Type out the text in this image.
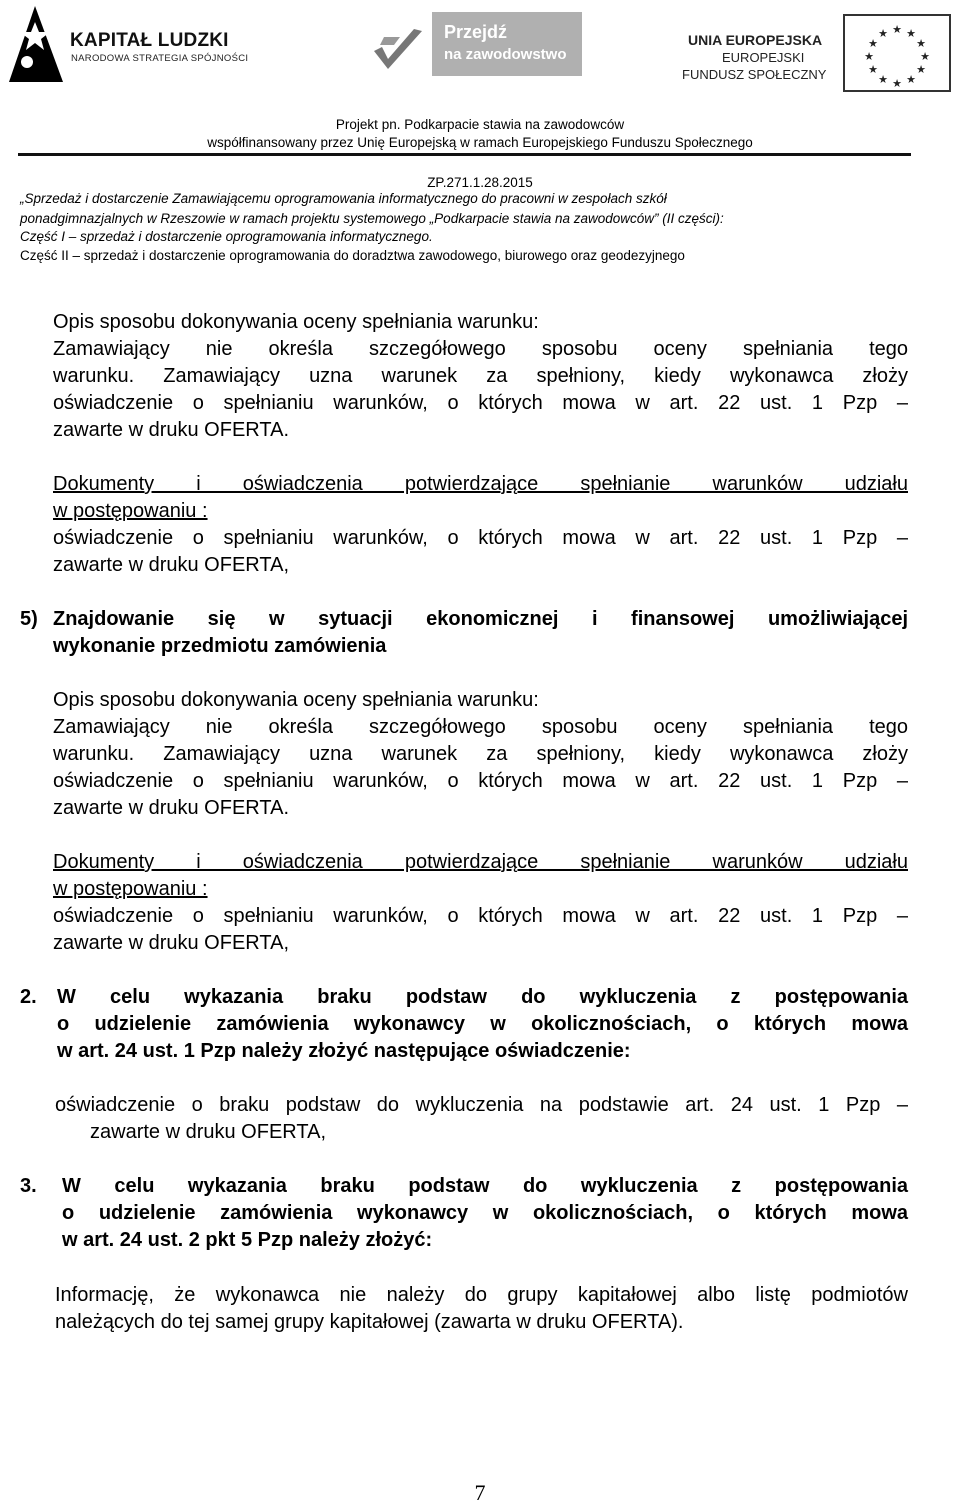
KAPITAŁ LUDZKI
NARODOWA STRATEGIA SPÓJNOŚCI
Przejdź
na zawodowstwo
UNIA EUROPEJSKA
EUROPEJSKI
FUNDUSZ SPOŁECZNY
★ ★
★
★
★
★
★
★
★
★
★
★
Projekt pn. Podkarpacie stawia na zawodowców
współfinansowany przez Unię Europejską w ramach Europejskiego Funduszu Społecznego
ZP.271.1.28.2015
„Sprzedaż i dostarczenie Zamawiającemu oprogramowania informatycznego do pracowni w zespołach szkół
ponadgimnazjalnych w Rzeszowie w ramach projektu systemowego „Podkarpacie stawia na zawodowców” (II części):
Część I – sprzedaż i dostarczenie oprogramowania informatycznego.
Część II – sprzedaż i dostarczenie oprogramowania do doradztwa zawodowego, biurowego oraz geodezyjnego
Opis sposobu dokonywania oceny spełniania warunku:
Zamawiający nie określa szczegółowego sposobu oceny spełniania tego
warunku. Zamawiający uzna warunek za spełniony, kiedy wykonawca złoży
oświadczenie o spełnianiu warunków, o których mowa w art. 22 ust. 1 Pzp –
zawarte w druku OFERTA.
Dokumenty i oświadczenia potwierdzające spełnianie warunków udziału
w postępowaniu :
oświadczenie o spełnianiu warunków, o których mowa w art. 22 ust. 1 Pzp –
zawarte w druku OFERTA,
5) Znajdowanie się w sytuacji ekonomicznej i finansowej umożliwiającej
wykonanie przedmiotu zamówienia
Opis sposobu dokonywania oceny spełniania warunku:
Zamawiający nie określa szczegółowego sposobu oceny spełniania tego
warunku. Zamawiający uzna warunek za spełniony, kiedy wykonawca złoży
oświadczenie o spełnianiu warunków, o których mowa w art. 22 ust. 1 Pzp –
zawarte w druku OFERTA.
Dokumenty i oświadczenia potwierdzające spełnianie warunków udziału
w postępowaniu :
oświadczenie o spełnianiu warunków, o których mowa w art. 22 ust. 1 Pzp –
zawarte w druku OFERTA,
2. W celu wykazania braku podstaw do wykluczenia z postępowania
o udzielenie zamówienia wykonawcy w okolicznościach, o których mowa
w art. 24 ust. 1 Pzp należy złożyć następujące oświadczenie:
oświadczenie o braku podstaw do wykluczenia na podstawie art. 24 ust. 1 Pzp –
zawarte w druku OFERTA,
3. W celu wykazania braku podstaw do wykluczenia z postępowania
o udzielenie zamówienia wykonawcy w okolicznościach, o których mowa
w art. 24 ust. 2 pkt 5 Pzp należy złożyć:
Informację, że wykonawca nie należy do grupy kapitałowej albo listę podmiotów
należących do tej samej grupy kapitałowej (zawarta w druku OFERTA).
7
